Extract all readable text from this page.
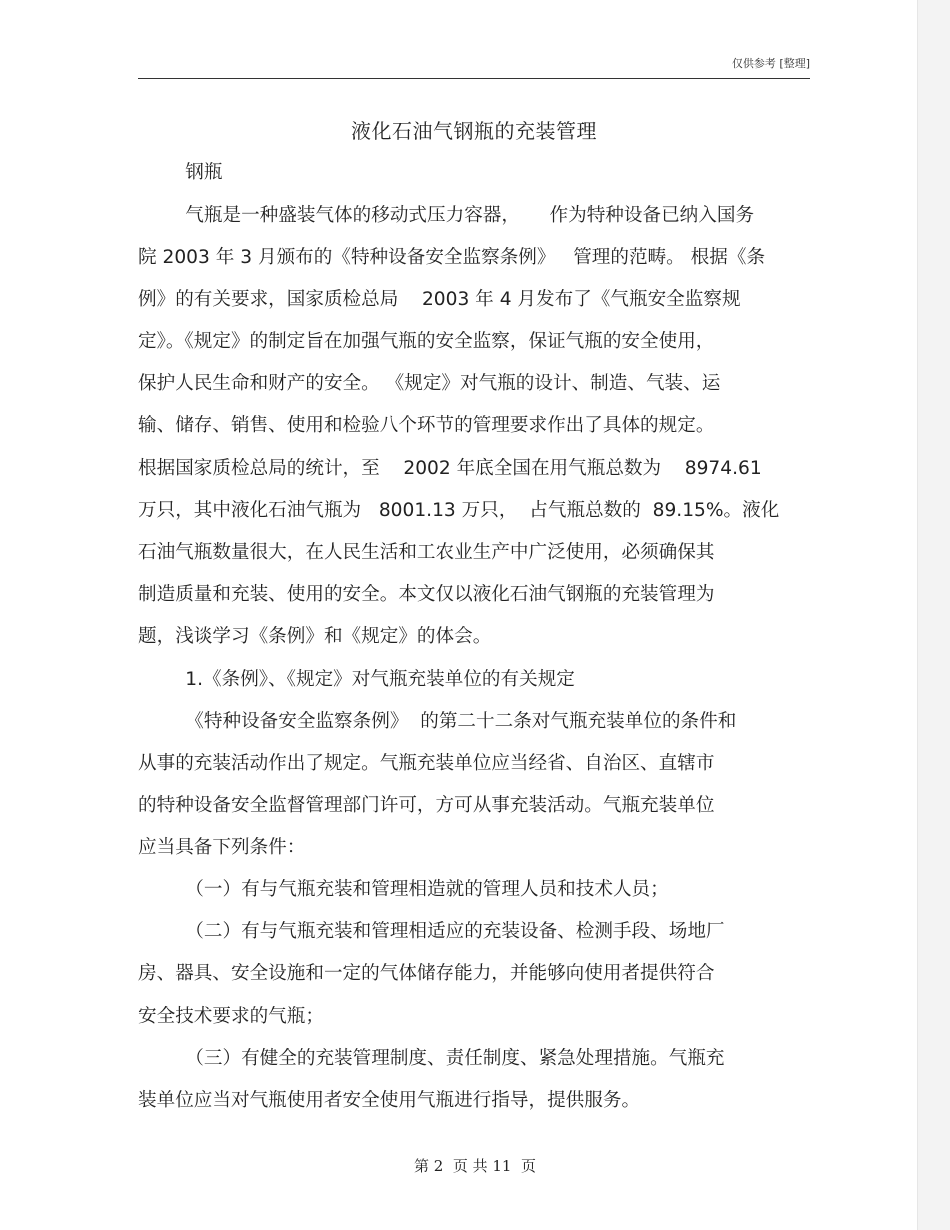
仅供参考 [整理]
液化石油气钢瓶的充装管理
钢瓶
气瓶是一种盛装气体的移动式压力容器，     作为特种设备已纳入国务
院 2003 年 3 月颁布的《特种设备安全监察条例》   管理的范畴。 根据《条
例》的有关要求，国家质检总局    2003 年 4 月发布了《气瓶安全监察规
定》。《规定》的制定旨在加强气瓶的安全监察，保证气瓶的安全使用，
保护人民生命和财产的安全。 《规定》对气瓶的设计、制造、气装、运
输、储存、销售、使用和检验八个环节的管理要求作出了具体的规定。
根据国家质检总局的统计，至    2002 年底全国在用气瓶总数为    8974.61
万只，其中液化石油气瓶为   8001.13 万只，  占气瓶总数的  89.15%。液化
石油气瓶数量很大，在人民生活和工农业生产中广泛使用，必须确保其
制造质量和充装、使用的安全。本文仅以液化石油气钢瓶的充装管理为
题，浅谈学习《条例》和《规定》的体会。
1.《条例》、《规定》对气瓶充装单位的有关规定
《特种设备安全监察条例》  的第二十二条对气瓶充装单位的条件和
从事的充装活动作出了规定。气瓶充装单位应当经省、自治区、直辖市
的特种设备安全监督管理部门许可，方可从事充装活动。气瓶充装单位
应当具备下列条件：
（一）有与气瓶充装和管理相造就的管理人员和技术人员；
（二）有与气瓶充装和管理相适应的充装设备、检测手段、场地厂
房、器具、安全设施和一定的气体储存能力，并能够向使用者提供符合
安全技术要求的气瓶；
（三）有健全的充装管理制度、责任制度、紧急处理措施。气瓶充
装单位应当对气瓶使用者安全使用气瓶进行指导，提供服务。
第 2  页 共 11  页
